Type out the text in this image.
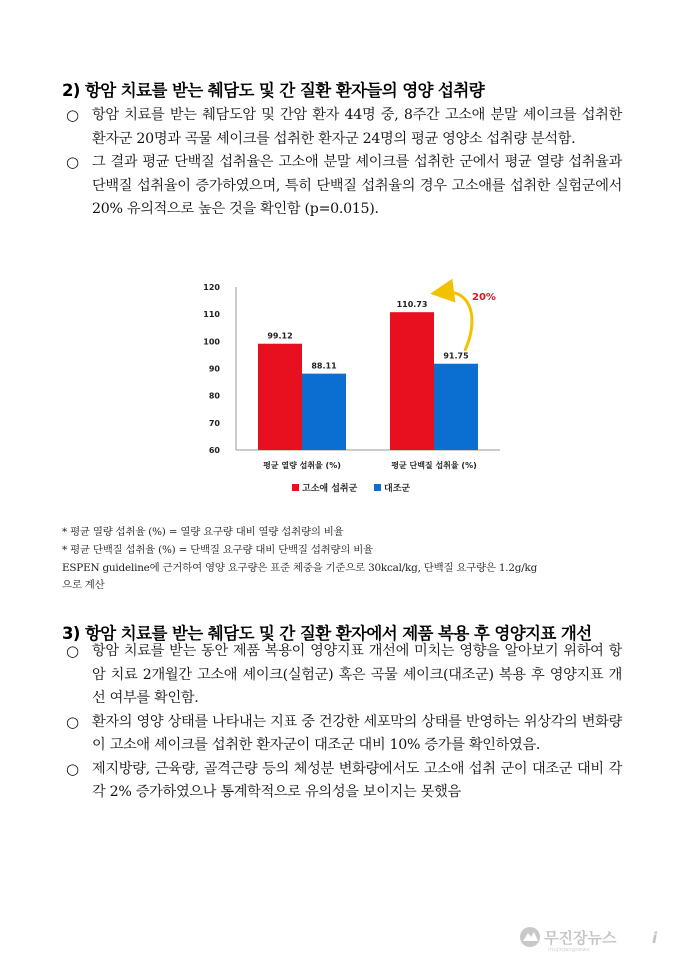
2) 항암 치료를 받는 췌담도 및 간 질환 환자들의 영양 섭취량

○ 항암 치료를 받는 췌담도암 및 간암 환자 44명 중, 8주간 고소애 분말 셰이크를 섭취한 환자군 20명과 곡물 셰이크를 섭취한 환자군 24명의 평균 영양소 섭취량 분석함.

○ 그 결과 평균 단백질 섭취율은 고소애 분말 셰이크를 섭취한 군에서 평균 열량 섭취율과 단백질 섭취율이 증가하였으며, 특히 단백질 섭취율의 경우 고소애를 섭취한 실험군에서 20% 유의적으로 높은 것을 확인함 (p=0.015).

60
70
80
90
100
110
120
99.12
88.11
평균 열량 섭취율 (%)
110.73
91.75
평균 단백질 섭취율 (%)
20%
고소애 섭취군	대조군
* 평균 열량 섭취율 (%) = 열량 요구량 대비 열량 섭취량의 비율
* 평균 단백질 섭취율 (%) = 단백질 요구량 대비 단백질 섭취량의 비율
ESPEN guideline에 근거하여 영양 요구량은 표준 체중을 기준으로 30kcal/kg, 단백질 요구량은 1.2g/kg
으로 계산
3) 항암 치료를 받는 췌담도 및 간 질환 환자에서 제품 복용 후 영양지표 개선

○ 항암 치료를 받는 동안 제품 복용이 영양지표 개선에 미치는 영향을 알아보기 위하여 항암 치료 2개월간 고소애 셰이크(실험군) 혹은 곡물 셰이크(대조군) 복용 후 영양지표 개선 여부를 확인함.

○ 환자의 영양 상태를 나타내는 지표 중 건강한 세포막의 상태를 반영하는 위상각의 변화량이 고소애 셰이크를 섭취한 환자군이 대조군 대비 10% 증가를 확인하였음.

○ 제지방량, 근육량, 골격근량 등의 체성분 변화량에서도 고소애 섭취 군이 대조군 대비 각각 2% 증가하였으나 통계학적으로 유의성을 보이지는 못했음

무진장뉴스 i
mujinjangnews
